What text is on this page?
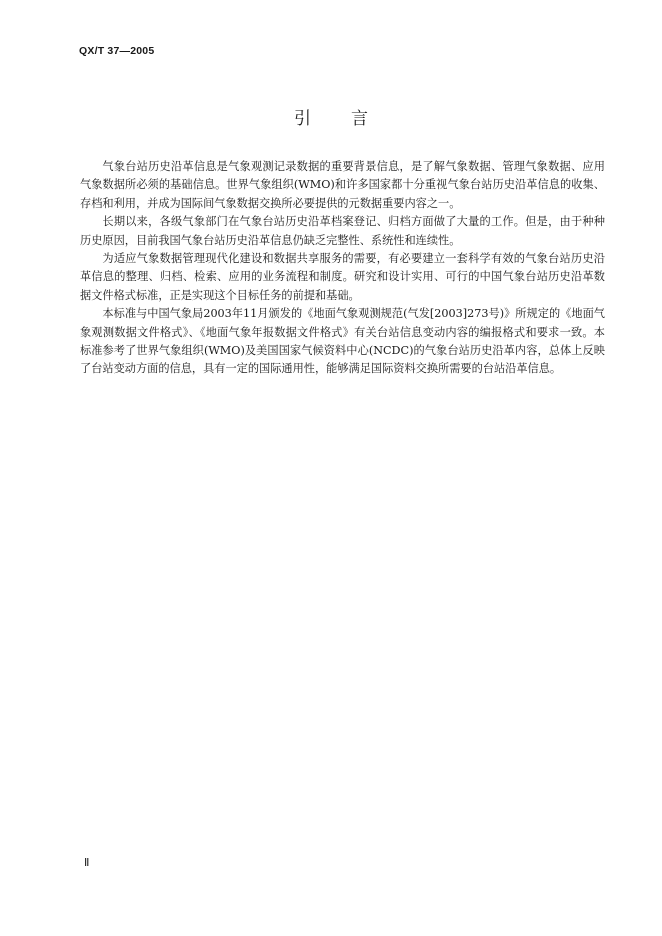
QX/T 37—2005
引言

气象台站历史沿革信息是气象观测记录数据的重要背景信息，是了解气象数据、管理气象数据、应用气象数据所必须的基础信息。世界气象组织(WMO)和许多国家都十分重视气象台站历史沿革信息的收集、存档和利用，并成为国际间气象数据交换所必要提供的元数据重要内容之一。

长期以来，各级气象部门在气象台站历史沿革档案登记、归档方面做了大量的工作。但是，由于种种历史原因，目前我国气象台站历史沿革信息仍缺乏完整性、系统性和连续性。

为适应气象数据管理现代化建设和数据共享服务的需要，有必要建立一套科学有效的气象台站历史沿革信息的整理、归档、检索、应用的业务流程和制度。研究和设计实用、可行的中国气象台站历史沿革数据文件格式标准，正是实现这个目标任务的前提和基础。

本标准与中国气象局2003年11月颁发的《地面气象观测规范(气发[2003]273号)》所规定的《地面气象观测数据文件格式》、《地面气象年报数据文件格式》有关台站信息变动内容的编报格式和要求一致。本标准参考了世界气象组织(WMO)及美国国家气候资料中心(NCDC)的气象台站历史沿革内容，总体上反映了台站变动方面的信息，具有一定的国际通用性，能够满足国际资料交换所需要的台站沿革信息。

Ⅱ
